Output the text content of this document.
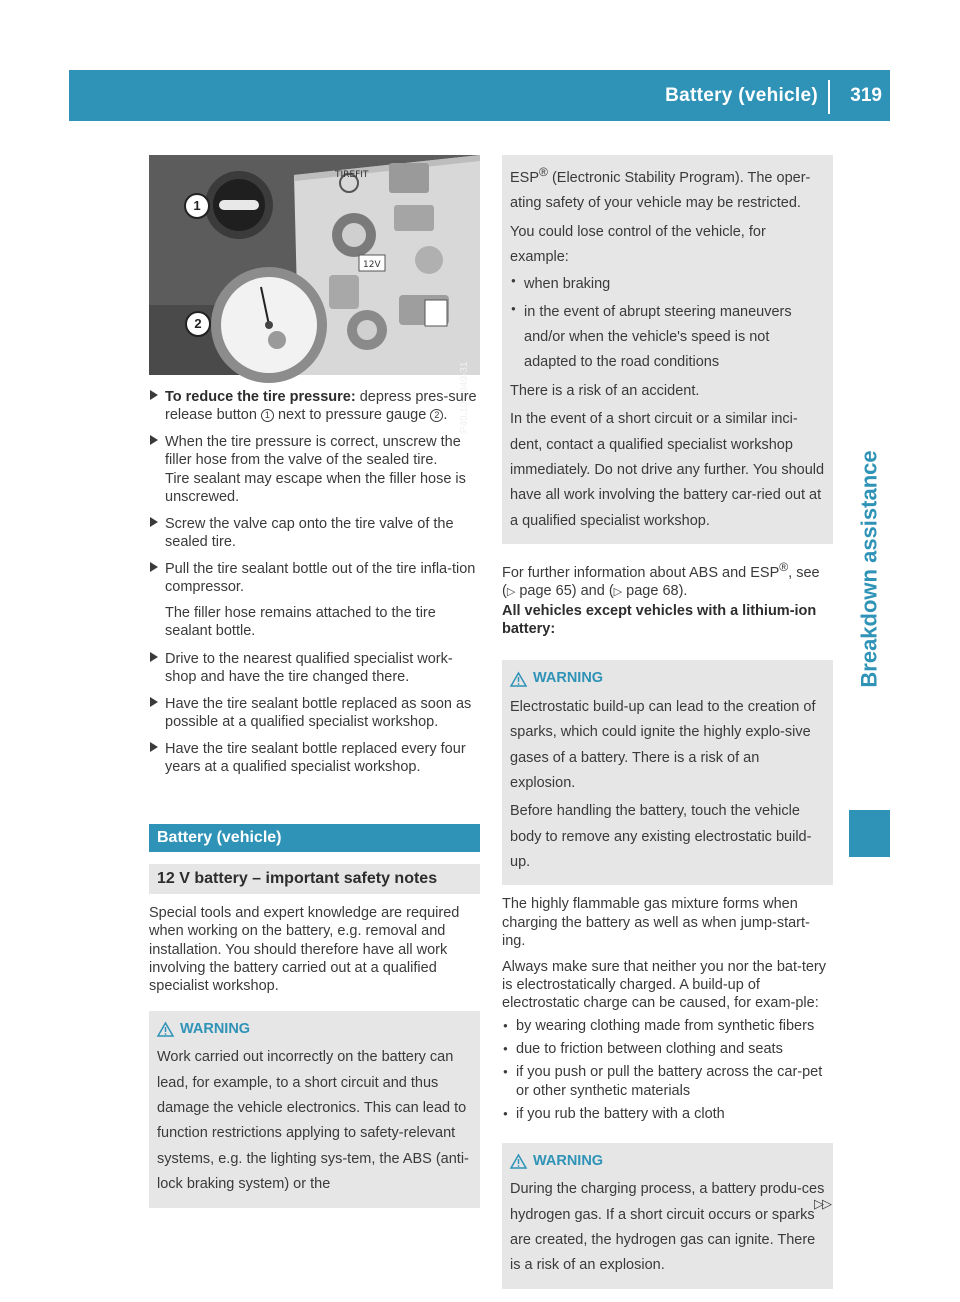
Battery (vehicle) 319
Breakdown assistance
12V
TIREFIT
1
2
P40.10-6949-31
To reduce the tire pressure: depress pres-sure release button 1 next to pressure gauge 2 .
When the tire pressure is correct, unscrew the filler hose from the valve of the sealed tire.
Tire sealant may escape when the filler hose is unscrewed.
Screw the valve cap onto the tire valve of the sealed tire.
Pull the tire sealant bottle out of the tire infla-tion compressor.
The filler hose remains attached to the tire sealant bottle.
Drive to the nearest qualified specialist work-shop and have the tire changed there.
Have the tire sealant bottle replaced as soon as possible at a qualified specialist workshop.
Have the tire sealant bottle replaced every four years at a qualified specialist workshop.
Battery (vehicle)
12 V battery – important safety notes

Special tools and expert knowledge are required when working on the battery, e.g. removal and installation. You should therefore have all work involving the battery carried out at a qualified specialist workshop.

WARNING

Work carried out incorrectly on the battery can lead, for example, to a short circuit and thus damage the vehicle electronics. This can lead to function restrictions applying to safety-relevant systems, e.g. the lighting sys-tem, the ABS (anti-lock braking system) or the

ESP® (Electronic Stability Program). The oper-ating safety of your vehicle may be restricted.

You could lose control of the vehicle, for example:

● when braking
● in the event of abrupt steering maneuvers and/or when the vehicle's speed is not adapted to the road conditions

There is a risk of an accident.

In the event of a short circuit or a similar inci-dent, contact a qualified specialist workshop immediately. Do not drive any further. You should have all work involving the battery car-ried out at a qualified specialist workshop.

For further information about ABS and ESP®, see (▷ page 65) and (▷ page 68).

All vehicles except vehicles with a lithium-ion battery:

WARNING

Electrostatic build-up can lead to the creation of sparks, which could ignite the highly explo-sive gases of a battery. There is a risk of an explosion.

Before handling the battery, touch the vehicle body to remove any existing electrostatic build-up.

The highly flammable gas mixture forms when charging the battery as well as when jump-start-ing.

Always make sure that neither you nor the bat-tery is electrostatically charged. A build-up of electrostatic charge can be caused, for exam-ple:

● by wearing clothing made from synthetic fibers
● due to friction between clothing and seats
● if you push or pull the battery across the car-pet or other synthetic materials
● if you rub the battery with a cloth
WARNING

During the charging process, a battery produ-ces hydrogen gas. If a short circuit occurs or sparks are created, the hydrogen gas can ignite. There is a risk of an explosion.

▷▷
